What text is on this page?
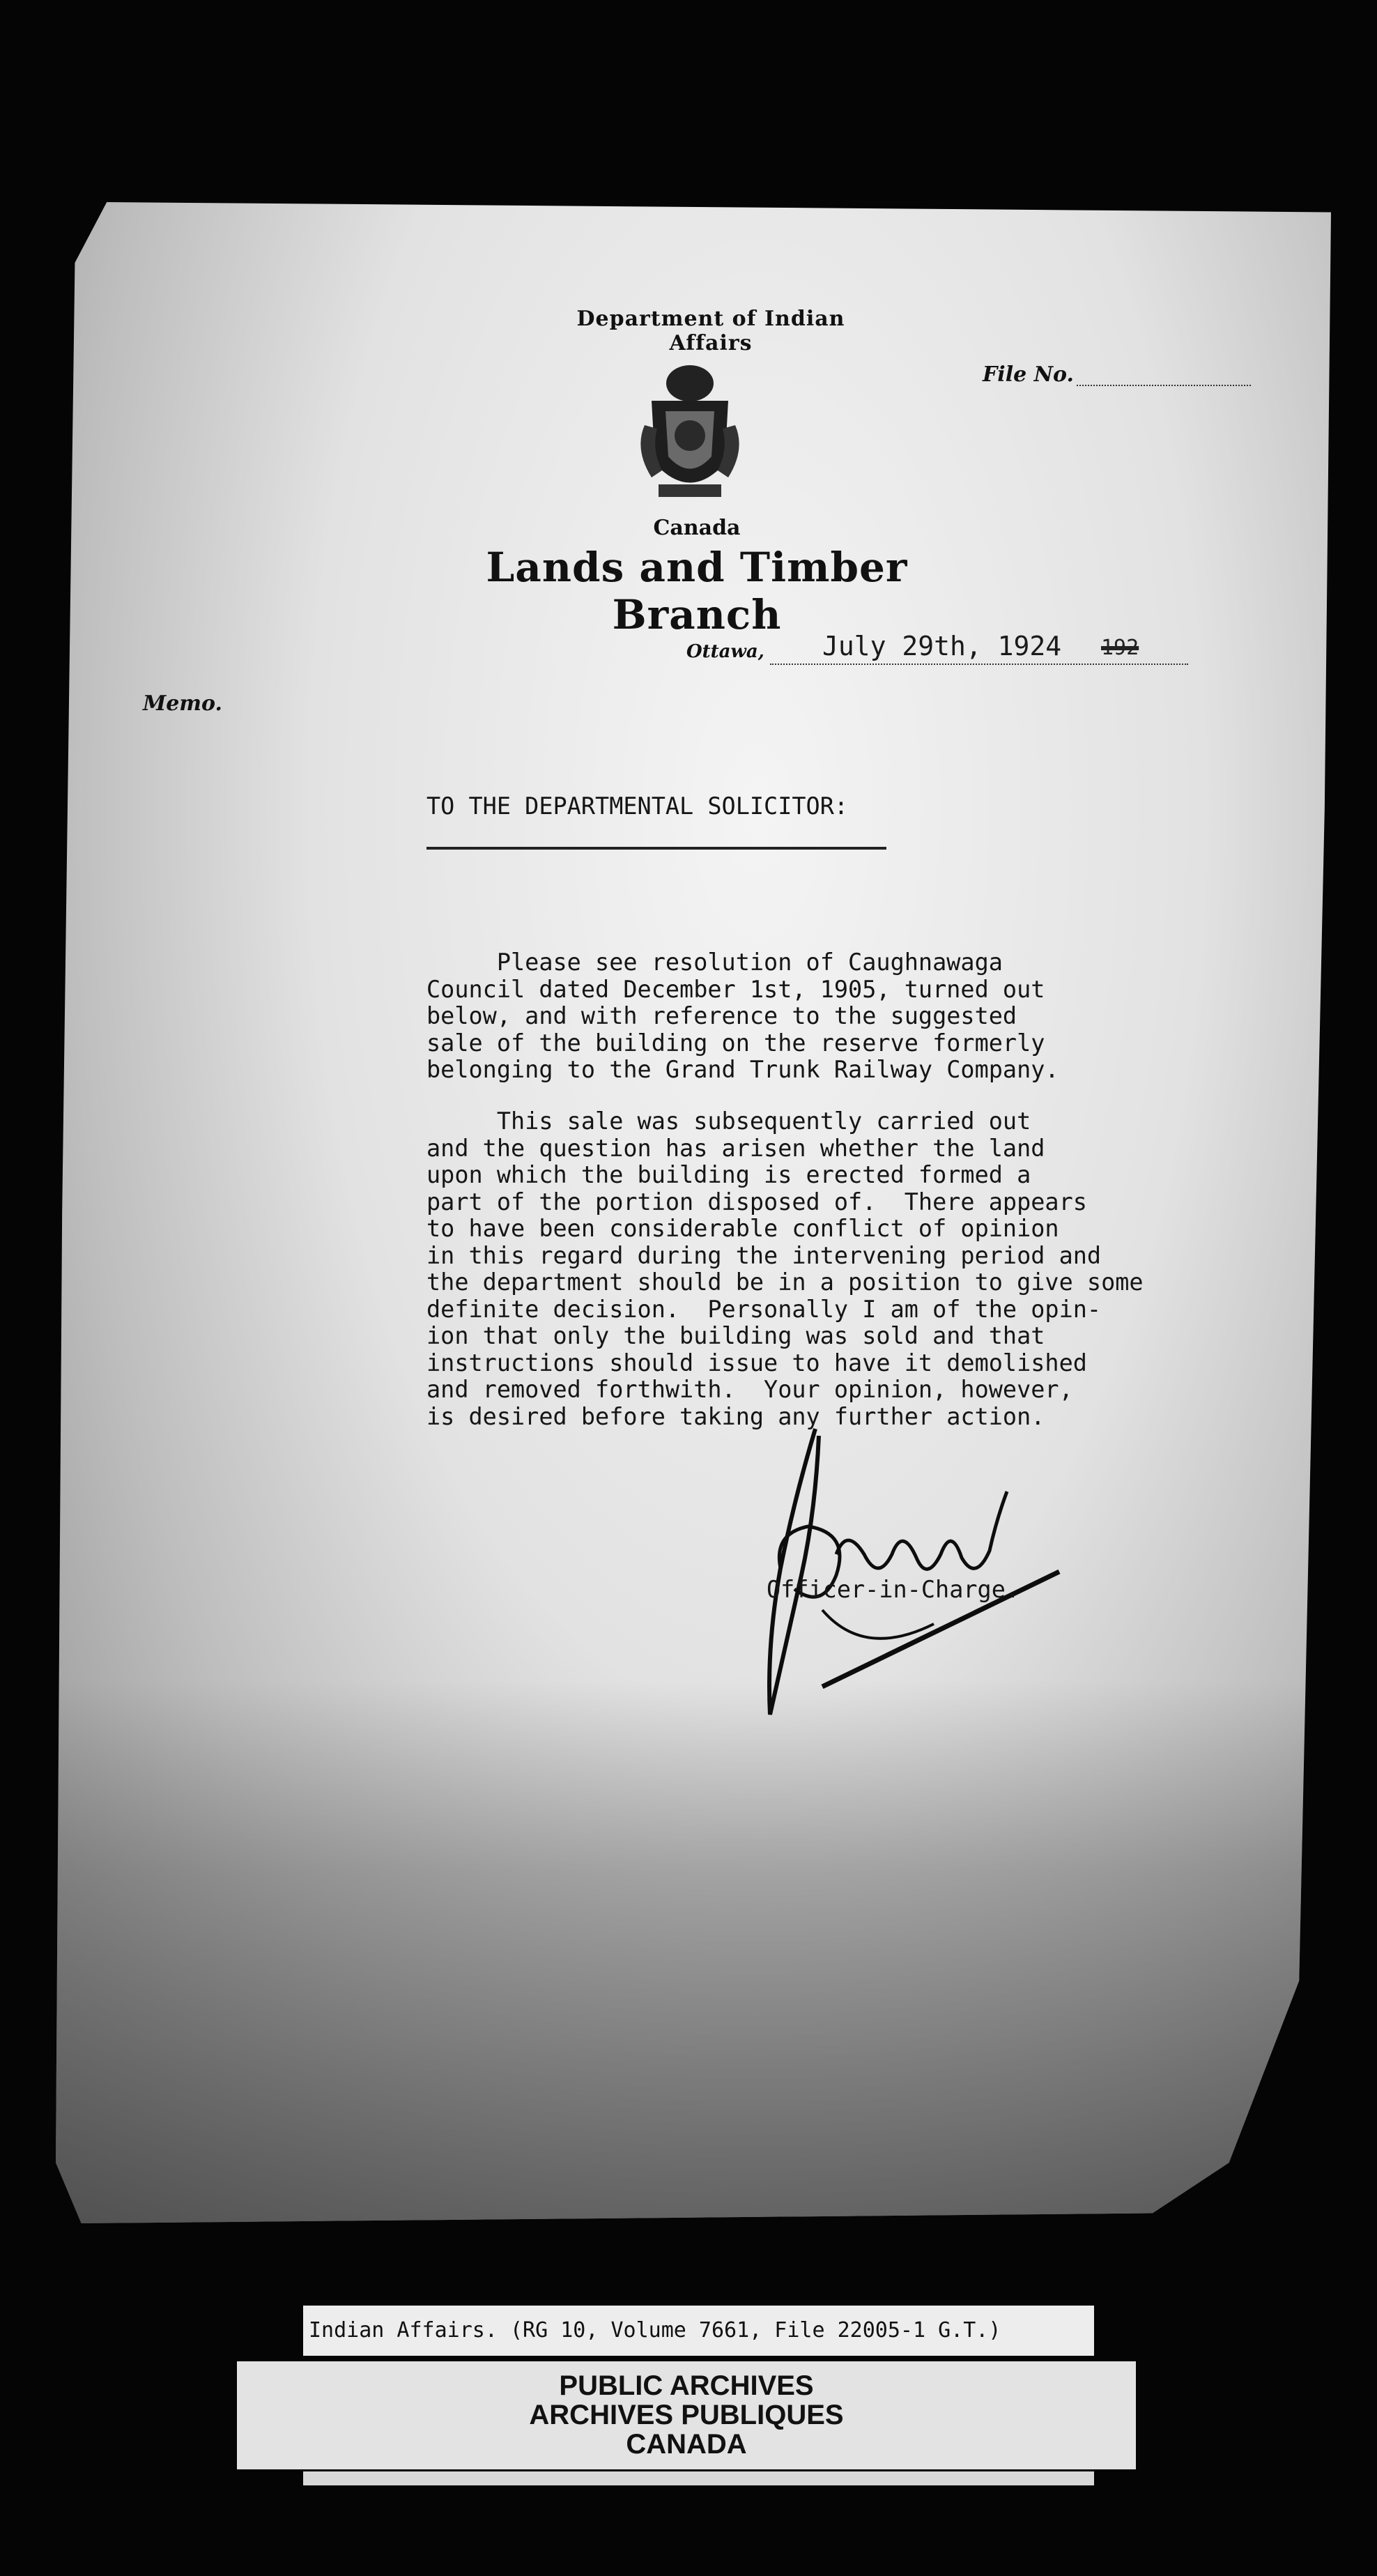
Department of Indian Affairs
Canada
Lands and Timber Branch
File No.
Ottawa, July 29th, 1924 192
Memo.
TO THE DEPARTMENTAL SOLICITOR:
Please see resolution of Caughnawaga
Council dated December 1st, 1905, turned out
below, and with reference to the suggested
sale of the building on the reserve formerly
belonging to the Grand Trunk Railway Company.
This sale was subsequently carried out
and the question has arisen whether the land
upon which the building is erected formed a
part of the portion disposed of.  There appears
to have been considerable conflict of opinion
in this regard during the intervening period and
the department should be in a position to give some
definite decision.  Personally I am of the opin-
ion that only the building was sold and that
instructions should issue to have it demolished
and removed forthwith.  Your opinion, however,
is desired before taking any further action.
Officer-in-Charge.
Indian Affairs. (RG 10, Volume 7661, File 22005-1 G.T.)
PUBLIC ARCHIVES
ARCHIVES PUBLIQUES
CANADA
